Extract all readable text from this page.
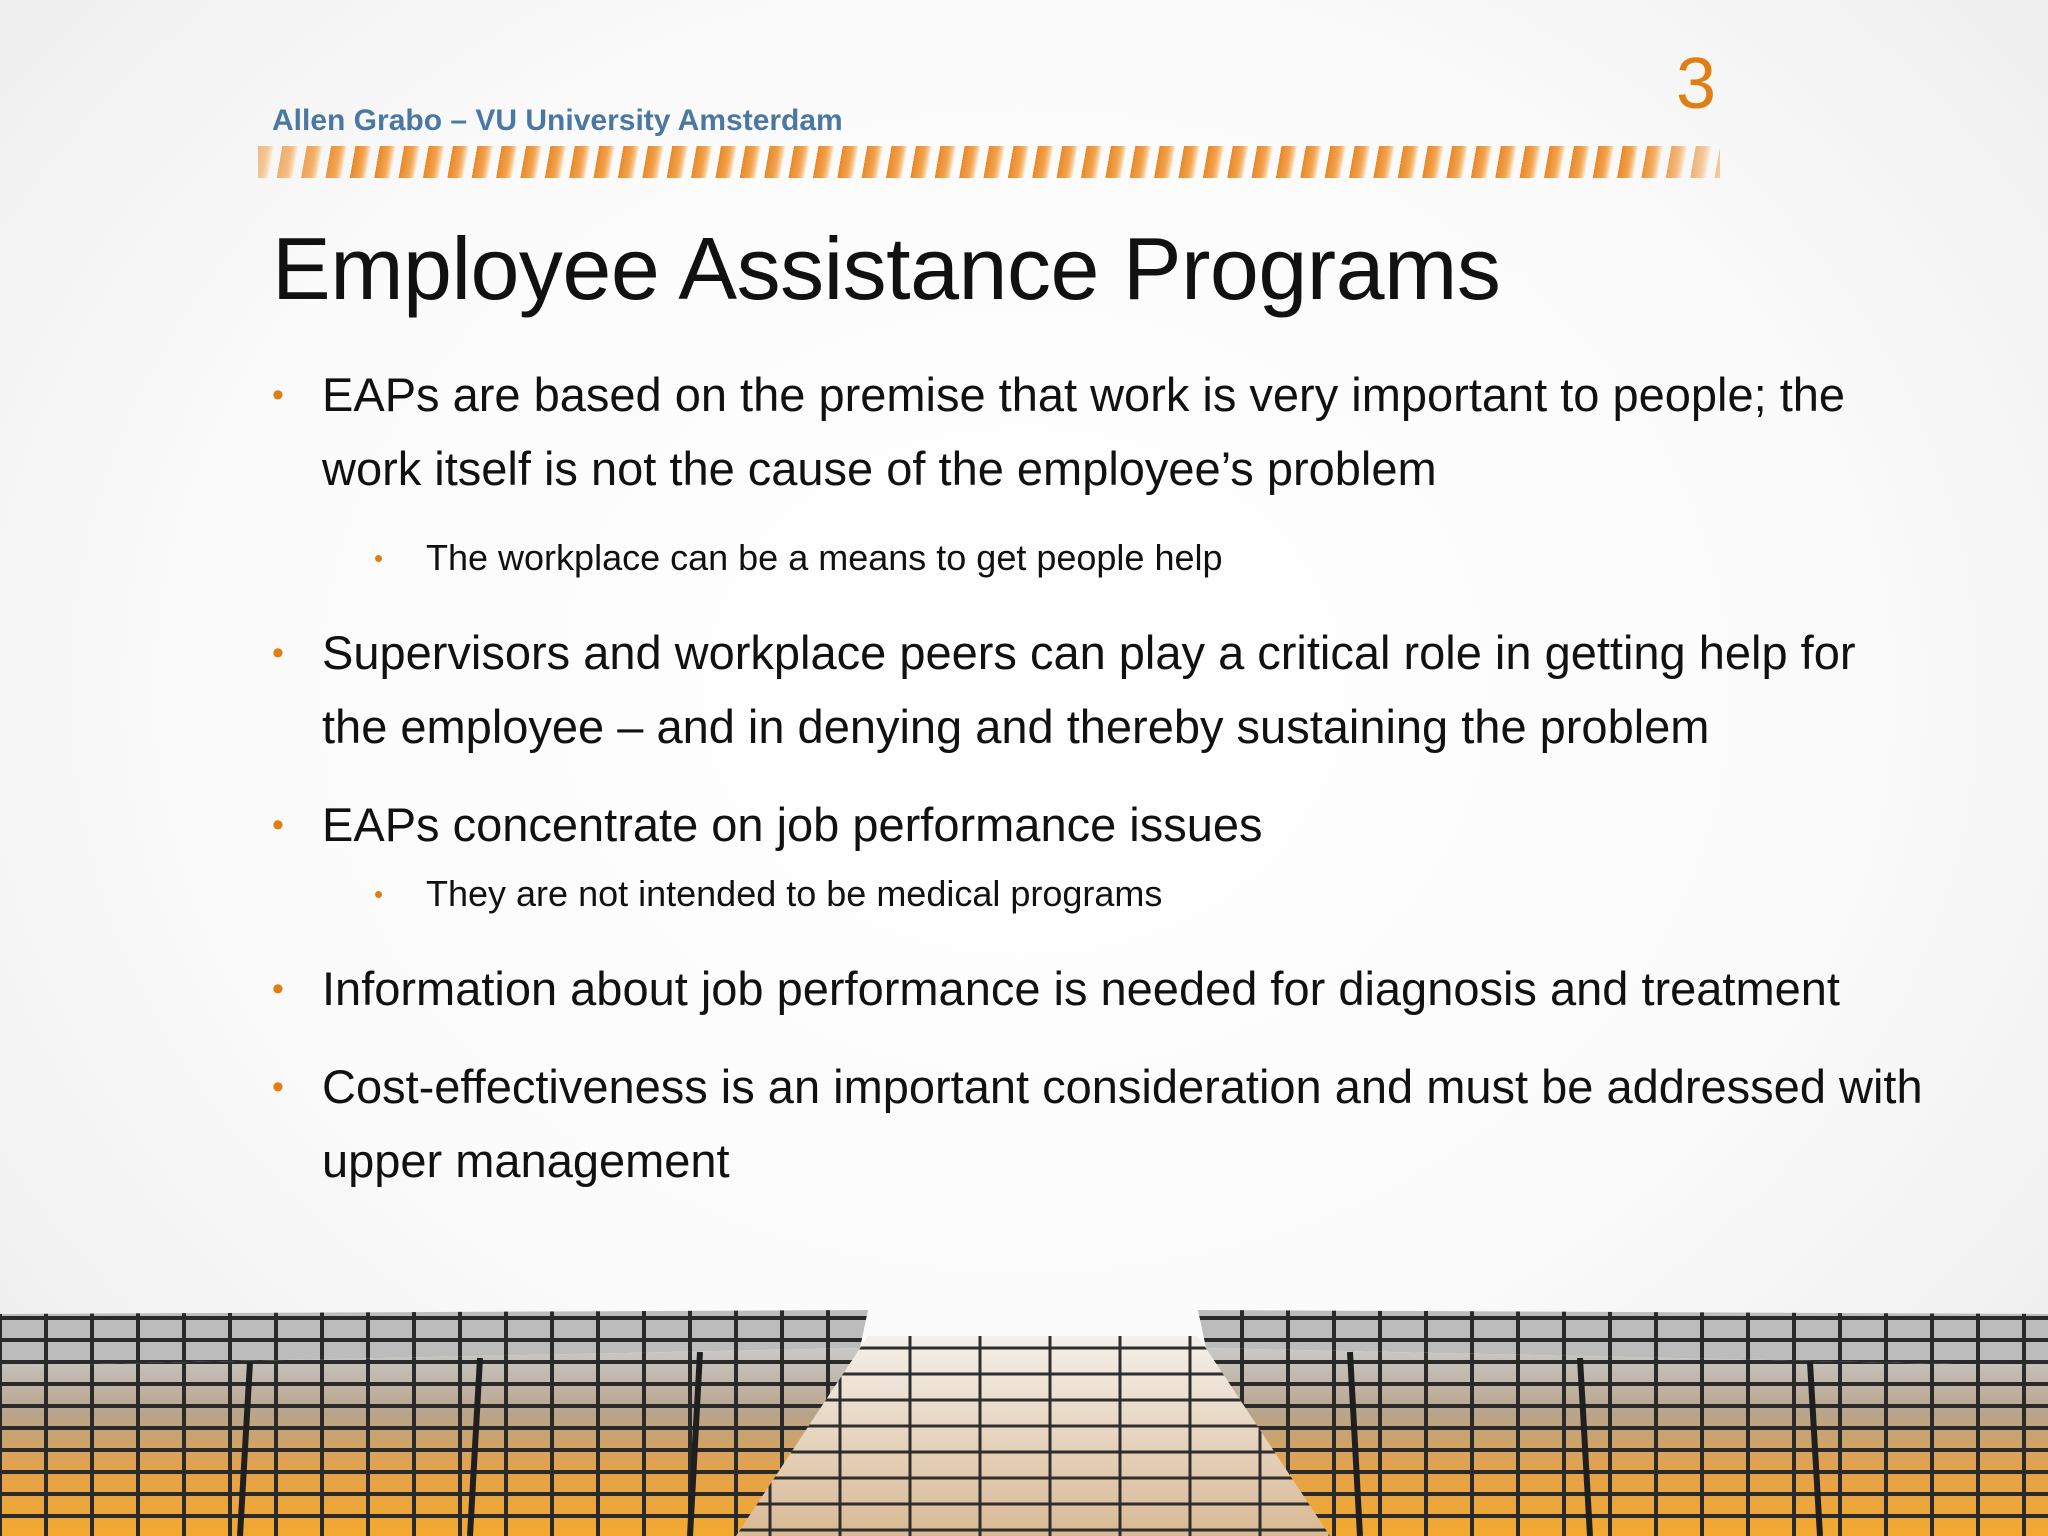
Allen Grabo – VU University Amsterdam	3
Employee Assistance Programs
• EAPs are based on the premise that work is very important to people; the work itself is not the cause of the employee’s problem
• The workplace can be a means to get people help
• Supervisors and workplace peers can play a critical role in getting help for the employee – and in denying and thereby sustaining the problem
• EAPs concentrate on job performance issues
• They are not intended to be medical programs
• Information about job performance is needed for diagnosis and treatment
• Cost-effectiveness is an important consideration and must be addressed with upper management
